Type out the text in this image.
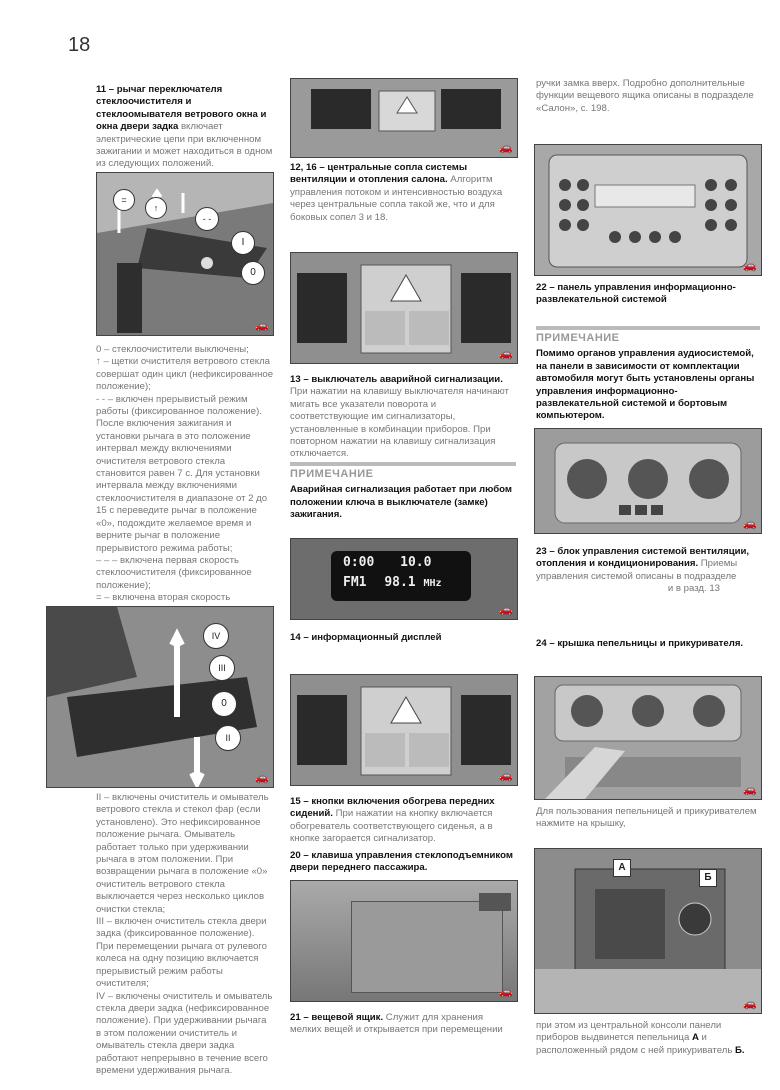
18

11 – рычаг переключателя стеклоочистителя и стеклоомывателя ветрового окна и окна двери задка включает электрические цепи при включенном зажигании и может находиться в одном из следующих положений.

=
↑
- -
I
0
🚗

0 – стеклоочистители выключены;

↑ – щетки очистителя ветрового стекла совершат один цикл (нефиксированное положение);

- - – включен прерывистый режим работы (фиксированное положение). После включения зажигания и установки рычага в это положение интервал между включениями очистителя ветрового стекла становится равен 7 с. Для установки интервала между включениями стеклоочистителя в диапазоне от 2 до 15 с переведите рычаг в положение «0», подождите желаемое время и верните рычаг в положение прерывистого режима работы;

– – – включена первая скорость стеклоочистителя (фиксированное положение);

= – включена вторая скорость

IV
III
0
II
🚗

II – включены очиститель и омыватель ветрового стекла и стекол фар (если установлено). Это нефиксированное положение рычага. Омыватель работает только при удерживании рычага в этом положении. При возвращении рычага в положение «0» очиститель ветрового стекла выключается через несколько циклов очистки стекла;

III – включен очиститель стекла двери задка (фиксированное положение). При перемещении рычага от рулевого колеса на одну позицию включается прерывистый режим работы очистителя;

IV – включены очиститель и омыватель стекла двери задка (нефиксированное положение). При удерживании рычага в этом положении очиститель и омыватель стекла двери задка работают непрерывно в течение всего времени удерживания рычага.

🚗

12, 16 – центральные сопла системы вентиляции и отопления салона. Алгоритм управления потоком и интенсивностью воздуха через центральные сопла такой же, что и для боковых сопел 3 и 18.

🚗

13 – выключатель аварийной сигнализации. При нажатии на клавишу выключателя начинают мигать все указатели поворота и соответствующие им сигнализаторы, установленные в комбинации приборов. При повторном нажатии на клавишу сигнализация отключается.

ПРИМЕЧАНИЕ

Аварийная сигнализация работает при любом положении ключа в выключателе (замке) зажигания.

0:00 10.0
FM1 98.1 MHz
🚗

14 – информационный дисплей

🚗

15 – кнопки включения обогрева передних сидений. При нажатии на кнопку включается обогреватель соответствующего сиденья, а в кнопке загорается сигнализатор.

20 – клавиша управления стеклоподъемником двери переднего пассажира.

🚗

21 – вещевой ящик. Служит для хранения мелких вещей и открывается при перемещении

ручки замка вверх. Подробно дополнительные функции вещевого ящика описаны в подразделе «Салон», с. 198.
🚗

22 – панель управления информационно-развлекательной системой

ПРИМЕЧАНИЕ

Помимо органов управления аудиосистемой, на панели в зависимости от комплектации автомобиля могут быть установлены органы управления информационно-развлекательной системой и бортовым компьютером.

🚗

23 – блок управления системой вентиляции, отопления и кондиционирования. Приемы управления системой описаны в подразделе

и в разд. 13

24 – крышка пепельницы и прикуривателя.

🚗
Для пользования пепельницей и прикуривателем нажмите на крышку,
А
Б
🚗
при этом из центральной консоли панели приборов выдвинется пепельница А и расположенный рядом с ней прикуриватель Б.
